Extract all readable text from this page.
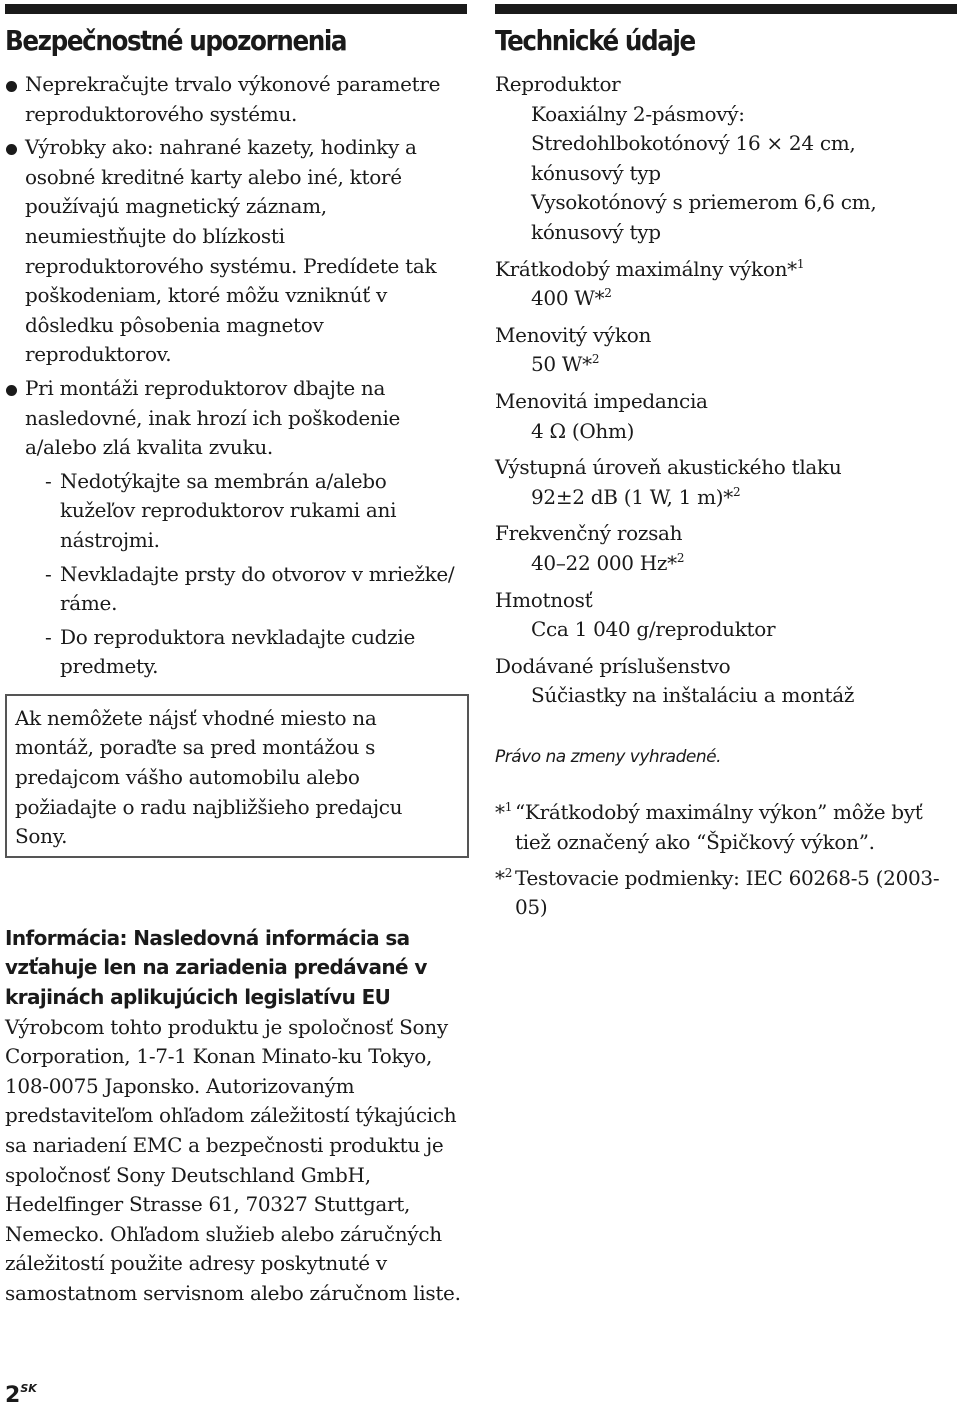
Bezpečnostné upozornenia
Neprekračujte trvalo výkonové parametre reproduktorového systému.
Výrobky ako: nahrané kazety, hodinky a osobné kreditné karty alebo iné, ktoré používajú magnetický záznam, neumiestňujte do blízkosti reproduktorového systému. Predídete tak poškodeniam, ktoré môžu vzniknúť v dôsledku pôsobenia magnetov reproduktorov.
Pri montáži reproduktorov dbajte na nasledovné, inak hrozí ich poškodenie a/alebo zlá kvalita zvuku.
- Nedotýkajte sa membrán a/alebo kužeľov reproduktorov rukami ani nástrojmi.
- Nevkladajte prsty do otvorov v mriežke/ ráme.
- Do reproduktora nevkladajte cudzie predmety.
Ak nemôžete nájsť vhodné miesto na montáž, poraďte sa pred montážou s predajcom vášho automobilu alebo požiadajte o radu najbližšieho predajcu Sony.
Informácia: Nasledovná informácia sa vzťahuje len na zariadenia predávané v krajinách aplikujúcich legislatívu EU
Výrobcom tohto produktu je spoločnosť Sony Corporation, 1-7-1 Konan Minato-ku Tokyo, 108-0075 Japonsko. Autorizovaným predstaviteľom ohľadom záležitostí týkajúcich sa nariadení EMC a bezpečnosti produktu je spoločnosť Sony Deutschland GmbH, Hedelfinger Strasse 61, 70327 Stuttgart, Nemecko. Ohľadom služieb alebo záručných záležitostí použite adresy poskytnuté v samostatnom servisnom alebo záručnom liste.
Technické údaje
Reproduktor
Koaxiálny 2-pásmový:
Stredohlbokotónový 16 × 24 cm,
kónusový typ
Vysokotónový s priemerom 6,6 cm,
kónusový typ
Krátkodobý maximálny výkon*$^1$
400 W*$^2$
Menovitý výkon
50 W*$^2$
Menovitá impedancia
4 Ω (Ohm)
Výstupná úroveň akustického tlaku
92±2 dB (1 W, 1 m)*$^2$
Frekvenčný rozsah
40–22 000 Hz*$^2$
Hmotnosť
Cca 1 040 g/reproduktor
Dodávané príslušenstvo
Súčiastky na inštaláciu a montáž
Právo na zmeny vyhradené.
*$^1$ “Krátkodobý maximálny výkon” môže byť tiež označený ako “Špičkový výkon”.
*$^2$ Testovacie podmienky: IEC 60268-5 (2003-05)
$2^{SK}$
